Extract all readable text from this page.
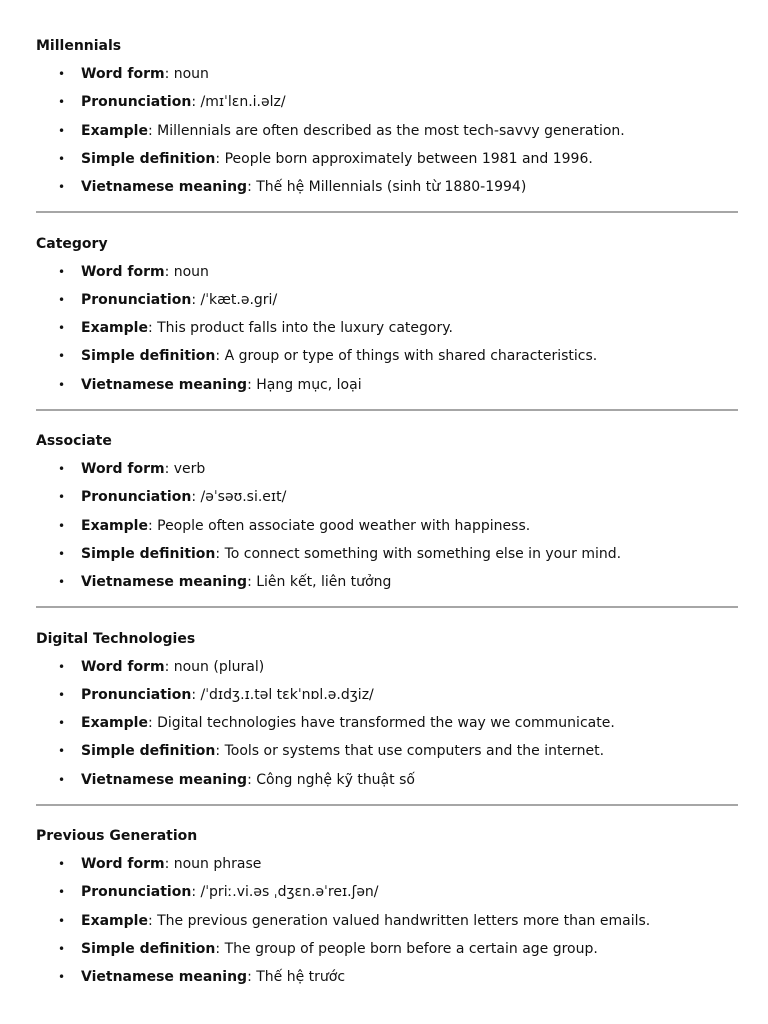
Millennials
• Word form: noun
• Pronunciation: /mɪˈlɛn.i.əlz/
• Example: Millennials are often described as the most tech-savvy generation.
• Simple definition: People born approximately between 1981 and 1996.
• Vietnamese meaning: Thế hệ Millennials (sinh từ 1880-1994)
Category
• Word form: noun
• Pronunciation: /ˈkæt.ə.gri/
• Example: This product falls into the luxury category.
• Simple definition: A group or type of things with shared characteristics.
• Vietnamese meaning: Hạng mục, loại
Associate
• Word form: verb
• Pronunciation: /əˈsəʊ.si.eɪt/
• Example: People often associate good weather with happiness.
• Simple definition: To connect something with something else in your mind.
• Vietnamese meaning: Liên kết, liên tưởng
Digital Technologies
• Word form: noun (plural)
• Pronunciation: /ˈdɪdʒ.ɪ.təl tɛkˈnɒl.ə.dʒiz/
• Example: Digital technologies have transformed the way we communicate.
• Simple definition: Tools or systems that use computers and the internet.
• Vietnamese meaning: Công nghệ kỹ thuật số
Previous Generation
• Word form: noun phrase
• Pronunciation: /ˈpriː.vi.əs ˌdʒɛn.əˈreɪ.ʃən/
• Example: The previous generation valued handwritten letters more than emails.
• Simple definition: The group of people born before a certain age group.
• Vietnamese meaning: Thế hệ trước
